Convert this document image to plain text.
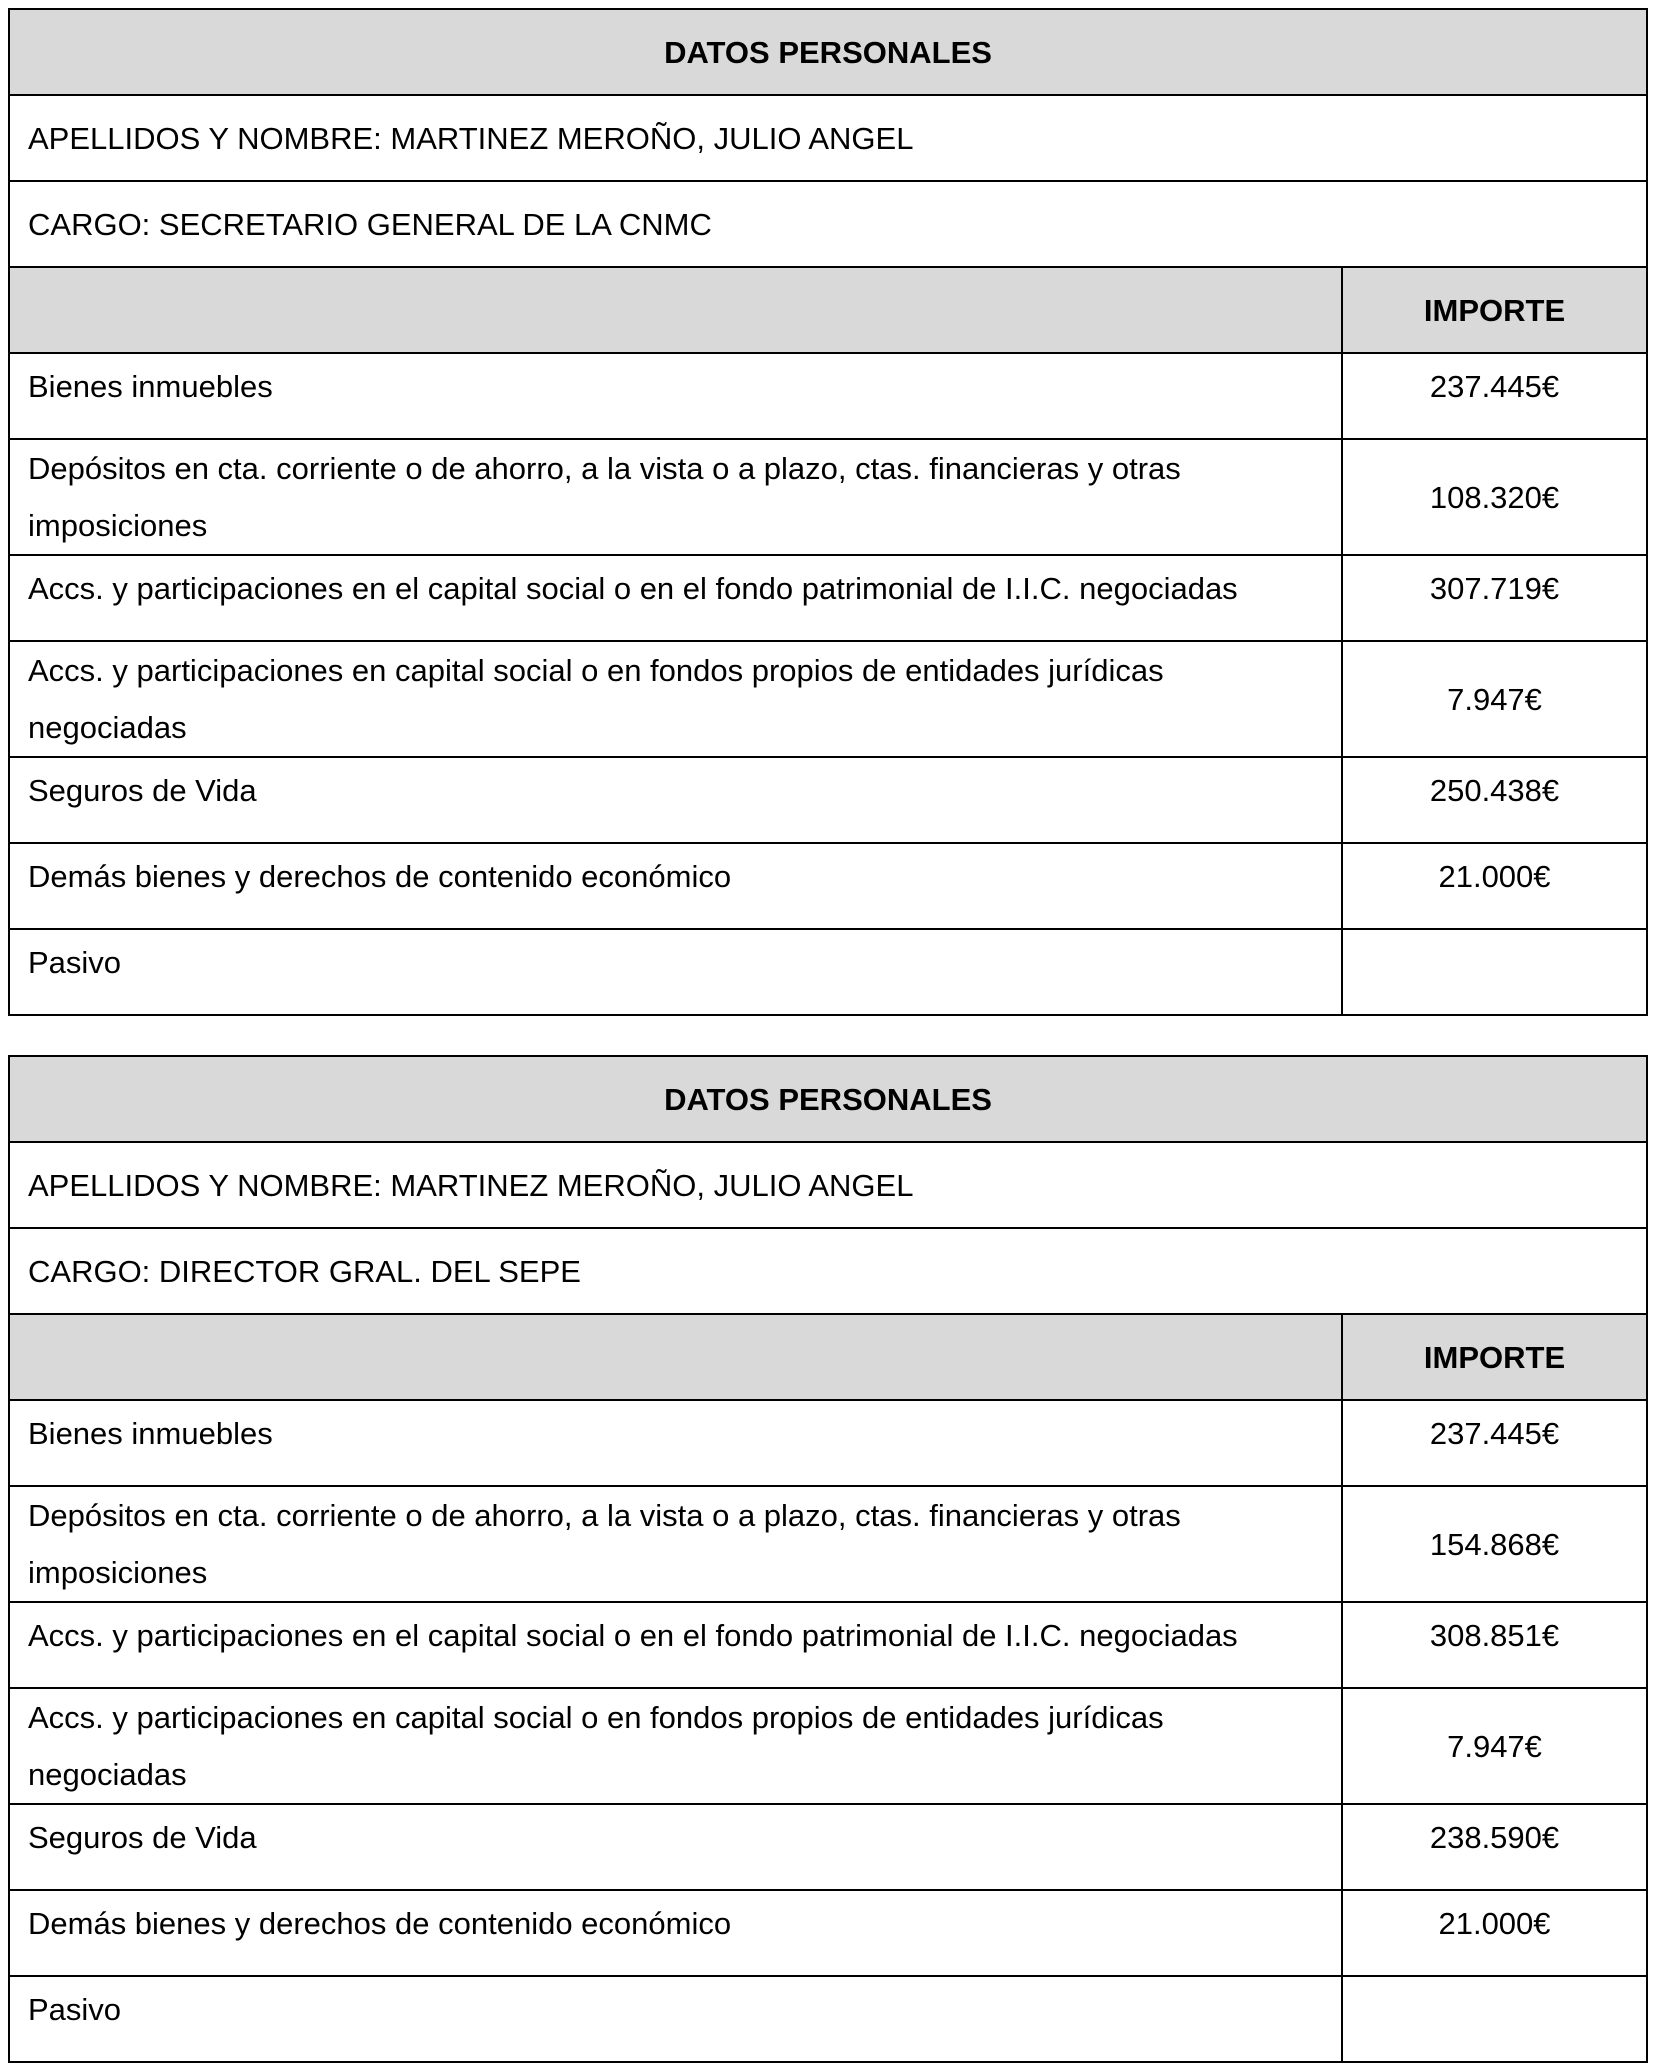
DATOS PERSONALES	
APELLIDOS Y NOMBRE: MARTINEZ MEROÑO, JULIO ANGEL	
CARGO: SECRETARIO GENERAL DE LA CNMC	
	IMPORTE
Bienes inmuebles	237.445€
Depósitos en cta. corriente o de ahorro, a la vista o a plazo, ctas. financieras y otras imposiciones	108.320€
Accs. y participaciones en el capital social o en el fondo patrimonial de I.I.C. negociadas	307.719€
Accs. y participaciones en capital social o en fondos propios de entidades jurídicas negociadas	7.947€
Seguros de Vida	250.438€
Demás bienes y derechos de contenido económico	21.000€
Pasivo	
DATOS PERSONALES	
APELLIDOS Y NOMBRE: MARTINEZ MEROÑO, JULIO ANGEL	
CARGO: DIRECTOR GRAL. DEL SEPE	
	IMPORTE
Bienes inmuebles	237.445€
Depósitos en cta. corriente o de ahorro, a la vista o a plazo, ctas. financieras y otras imposiciones	154.868€
Accs. y participaciones en el capital social o en el fondo patrimonial de I.I.C. negociadas	308.851€
Accs. y participaciones en capital social o en fondos propios de entidades jurídicas negociadas	7.947€
Seguros de Vida	238.590€
Demás bienes y derechos de contenido económico	21.000€
Pasivo	
